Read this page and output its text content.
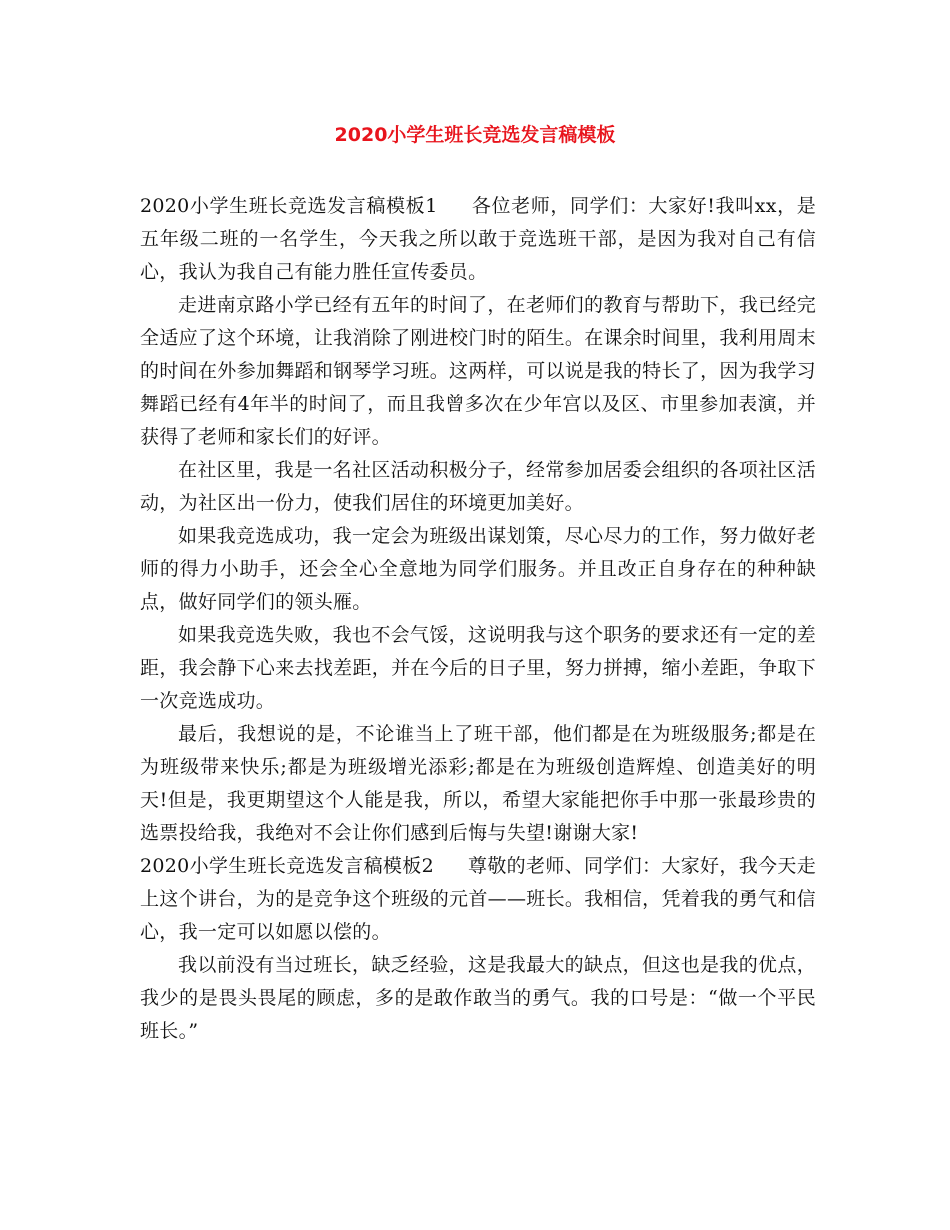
2020小学生班长竞选发言稿模板

2020小学生班长竞选发言稿模板1 各位老师，同学们：大家好!我叫xx，是五年级二班的一名学生，今天我之所以敢于竞选班干部，是因为我对自己有信心，我认为我自己有能力胜任宣传委员。

走进南京路小学已经有五年的时间了，在老师们的教育与帮助下，我已经完全适应了这个环境，让我消除了刚进校门时的陌生。在课余时间里，我利用周末的时间在外参加舞蹈和钢琴学习班。这两样，可以说是我的特长了，因为我学习舞蹈已经有4年半的时间了，而且我曾多次在少年宫以及区、市里参加表演，并获得了老师和家长们的好评。

在社区里，我是一名社区活动积极分子，经常参加居委会组织的各项社区活动，为社区出一份力，使我们居住的环境更加美好。

如果我竞选成功，我一定会为班级出谋划策，尽心尽力的工作，努力做好老师的得力小助手，还会全心全意地为同学们服务。并且改正自身存在的种种缺点，做好同学们的领头雁。

如果我竞选失败，我也不会气馁，这说明我与这个职务的要求还有一定的差距，我会静下心来去找差距，并在今后的日子里，努力拼搏，缩小差距，争取下一次竞选成功。

最后，我想说的是，不论谁当上了班干部，他们都是在为班级服务;都是在为班级带来快乐;都是为班级增光添彩;都是在为班级创造辉煌、创造美好的明天!但是，我更期望这个人能是我，所以，希望大家能把你手中那一张最珍贵的选票投给我，我绝对不会让你们感到后悔与失望!谢谢大家!

2020小学生班长竞选发言稿模板2 尊敬的老师、同学们：大家好，我今天走上这个讲台，为的是竞争这个班级的元首——班长。我相信，凭着我的勇气和信心，我一定可以如愿以偿的。

我以前没有当过班长，缺乏经验，这是我最大的缺点，但这也是我的优点，我少的是畏头畏尾的顾虑，多的是敢作敢当的勇气。我的口号是：“做一个平民班长。”
